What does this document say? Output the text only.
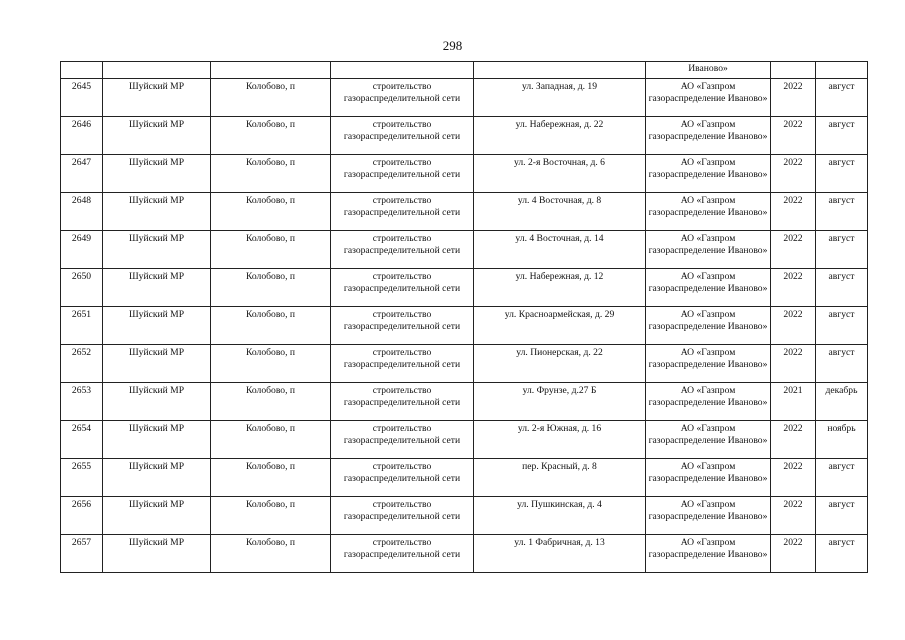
298
					Иваново»		
2645	Шуйский МР	Колобово, п	строительство газораспределительной сети	ул. Западная, д. 19	АО «Газпром газораспределение Иваново»	2022	август
2646	Шуйский МР	Колобово, п	строительство газораспределительной сети	ул. Набережная, д. 22	АО «Газпром газораспределение Иваново»	2022	август
2647	Шуйский МР	Колобово, п	строительство газораспределительной сети	ул. 2-я Восточная, д. 6	АО «Газпром газораспределение Иваново»	2022	август
2648	Шуйский МР	Колобово, п	строительство газораспределительной сети	ул. 4 Восточная, д. 8	АО «Газпром газораспределение Иваново»	2022	август
2649	Шуйский МР	Колобово, п	строительство газораспределительной сети	ул. 4 Восточная, д. 14	АО «Газпром газораспределение Иваново»	2022	август
2650	Шуйский МР	Колобово, п	строительство газораспределительной сети	ул. Набережная, д. 12	АО «Газпром газораспределение Иваново»	2022	август
2651	Шуйский МР	Колобово, п	строительство газораспределительной сети	ул. Красноармейская, д. 29	АО «Газпром газораспределение Иваново»	2022	август
2652	Шуйский МР	Колобово, п	строительство газораспределительной сети	ул. Пионерская, д. 22	АО «Газпром газораспределение Иваново»	2022	август
2653	Шуйский МР	Колобово, п	строительство газораспределительной сети	ул. Фрунзе, д.27 Б	АО «Газпром газораспределение Иваново»	2021	декабрь
2654	Шуйский МР	Колобово, п	строительство газораспределительной сети	ул. 2-я Южная, д. 16	АО «Газпром газораспределение Иваново»	2022	ноябрь
2655	Шуйский МР	Колобово, п	строительство газораспределительной сети	пер. Красный, д. 8	АО «Газпром газораспределение Иваново»	2022	август
2656	Шуйский МР	Колобово, п	строительство газораспределительной сети	ул. Пушкинская, д. 4	АО «Газпром газораспределение Иваново»	2022	август
2657	Шуйский МР	Колобово, п	строительство газораспределительной сети	ул. 1 Фабричная, д. 13	АО «Газпром газораспределение Иваново»	2022	август
